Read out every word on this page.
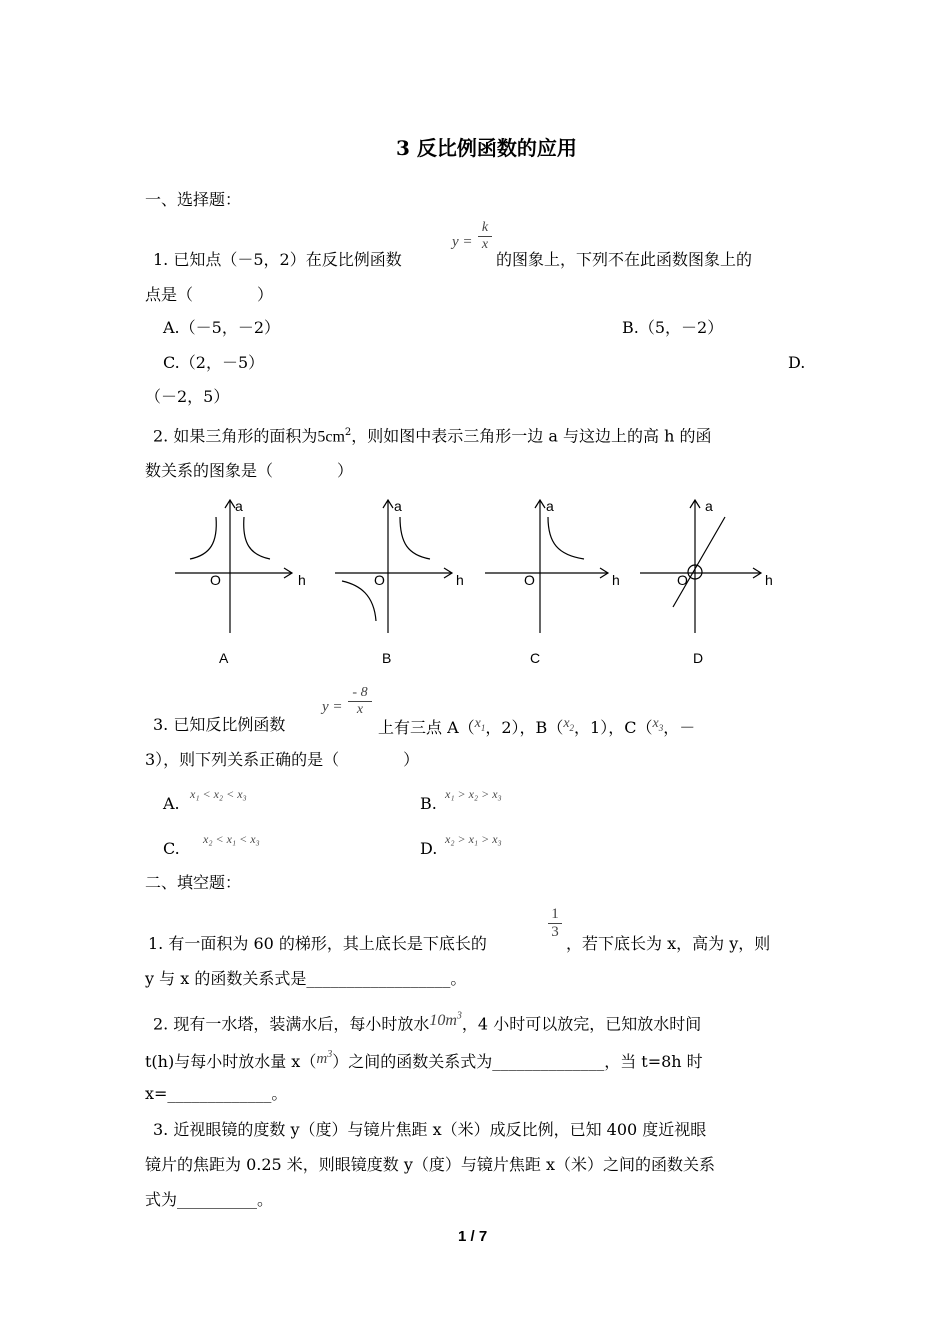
3 反比例函数的应用
一、选择题：
1. 已知点（－5，2）在反比例函数
$y = \frac{k}{x}$
的图象上，下列不在此函数图象上的
点是（　　　　）
A.（－5，－2）	B.（5，－2）
C.（2，－5）	D.
（－2，5）
2. 如果三角形的面积为$5cm^2$，则如图中表示三角形一边 a 与这边上的高 h 的函
数关系的图象是（　　　　）
a
h
O
A
a
h
O
B
a
h
O
C
a
h
O
D
3. 已知反比例函数
$y = \frac{- 8}{x}$
上有三点 $A(x_1$，2），$B(x_2$，1），$C(x_3$，－
3），则下列关系正确的是（　　　　）
A. x₁ < x₂ < x₃	B. x₁ > x₂ > x₃
C. x₂ < x₁ < x₃	D. x₂ > x₁ > x₃
二、填空题：
1. 有一面积为 60 的梯形，其上底长是下底长的
$\frac{1}{3}$
，若下底长为 x，高为 y，则
y 与 x 的函数关系式是__________________。
2. 现有一水塔，装满水后，每小时放水$10m^3$，4 小时可以放完，已知放水时间
t(h)与每小时放水量 $x(m^3)$之间的函数关系式为______________，当 t=8h 时
x=_____________。
3. 近视眼镜的度数 y（度）与镜片焦距 x（米）成反比例，已知 400 度近视眼
镜片的焦距为 0.25 米，则眼镜度数 y（度）与镜片焦距 x（米）之间的函数关系
式为__________。
1 / 7
